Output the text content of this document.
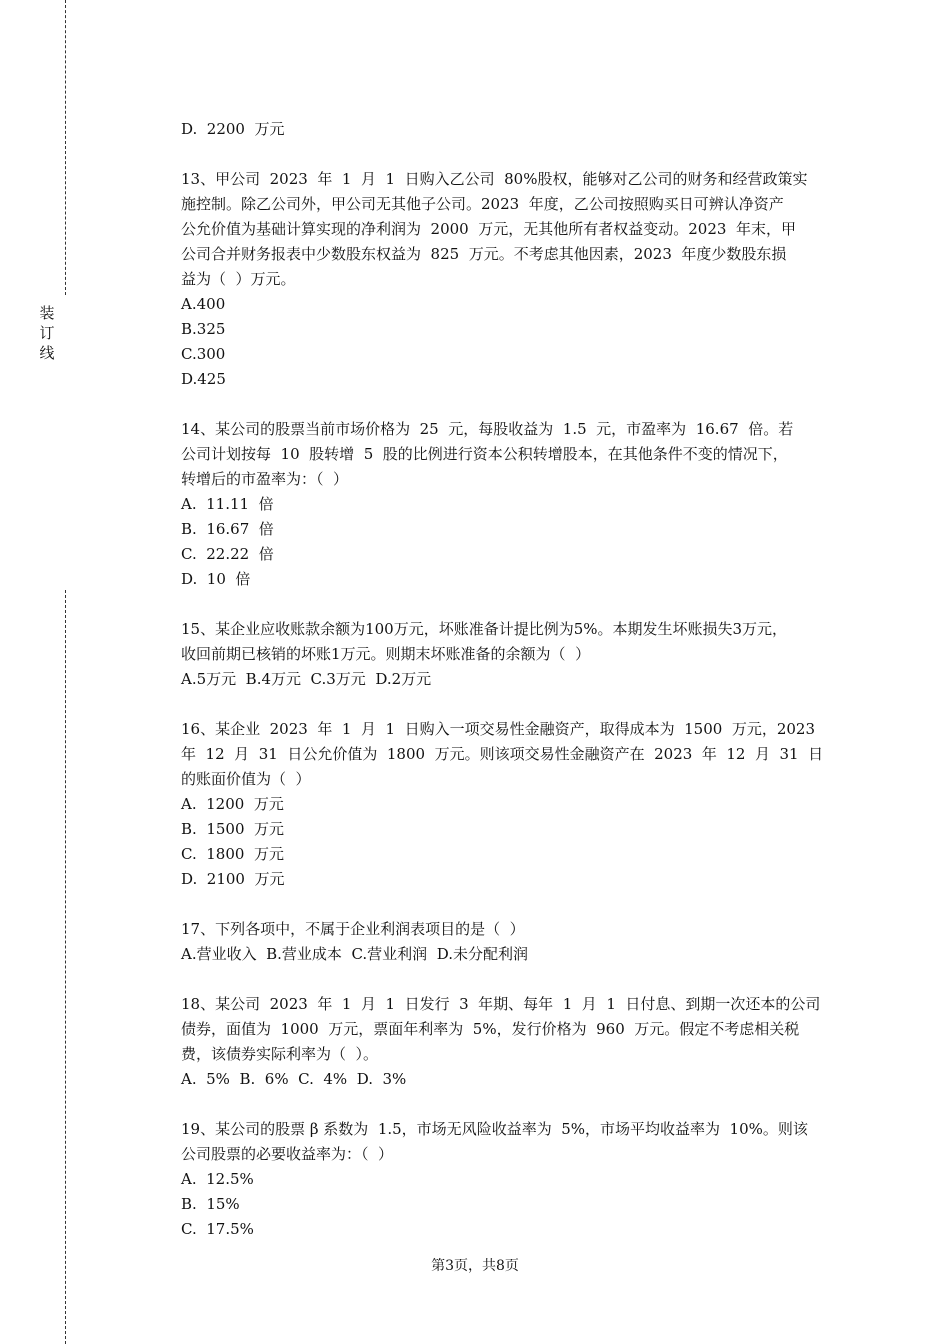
装
订
线
D.  2200  万元
13、甲公司  2023  年  1  月  1  日购入乙公司  80%股权，能够对乙公司的财务和经营政策实
施控制。除乙公司外，甲公司无其他子公司。2023  年度，乙公司按照购买日可辨认净资产
公允价值为基础计算实现的净利润为  2000  万元，无其他所有者权益变动。2023  年末，甲
公司合并财务报表中少数股东权益为  825  万元。不考虑其他因素，2023  年度少数股东损
益为（  ）万元。
A.400
B.325
C.300
D.425
14、某公司的股票当前市场价格为  25  元，每股收益为  1.5  元，市盈率为  16.67  倍。若
公司计划按每  10  股转增  5  股的比例进行资本公积转增股本，在其他条件不变的情况下，
转增后的市盈率为：（  ）
A.  11.11  倍
B.  16.67  倍
C.  22.22  倍
D.  10  倍
15、某企业应收账款余额为100万元，坏账准备计提比例为5%。本期发生坏账损失3万元，
收回前期已核销的坏账1万元。则期末坏账准备的余额为（  ）
A.5万元  B.4万元  C.3万元  D.2万元
16、某企业  2023  年  1  月  1  日购入一项交易性金融资产，取得成本为  1500  万元，2023
年  12  月  31  日公允价值为  1800  万元。则该项交易性金融资产在  2023  年  12  月  31  日
的账面价值为（  ）
A.  1200  万元
B.  1500  万元
C.  1800  万元
D.  2100  万元
17、下列各项中，不属于企业利润表项目的是（  ）
A.营业收入  B.营业成本  C.营业利润  D.未分配利润
18、某公司  2023  年  1  月  1  日发行  3  年期、每年  1  月  1  日付息、到期一次还本的公司
债券，面值为  1000  万元，票面年利率为  5%，发行价格为  960  万元。假定不考虑相关税
费，该债券实际利率为（  ）。
A.  5%  B.  6%  C.  4%  D.  3%
19、某公司的股票 β 系数为  1.5，市场无风险收益率为  5%，市场平均收益率为  10%。则该
公司股票的必要收益率为：（  ）
A.  12.5%
B.  15%
C.  17.5%
第3页，共8页
